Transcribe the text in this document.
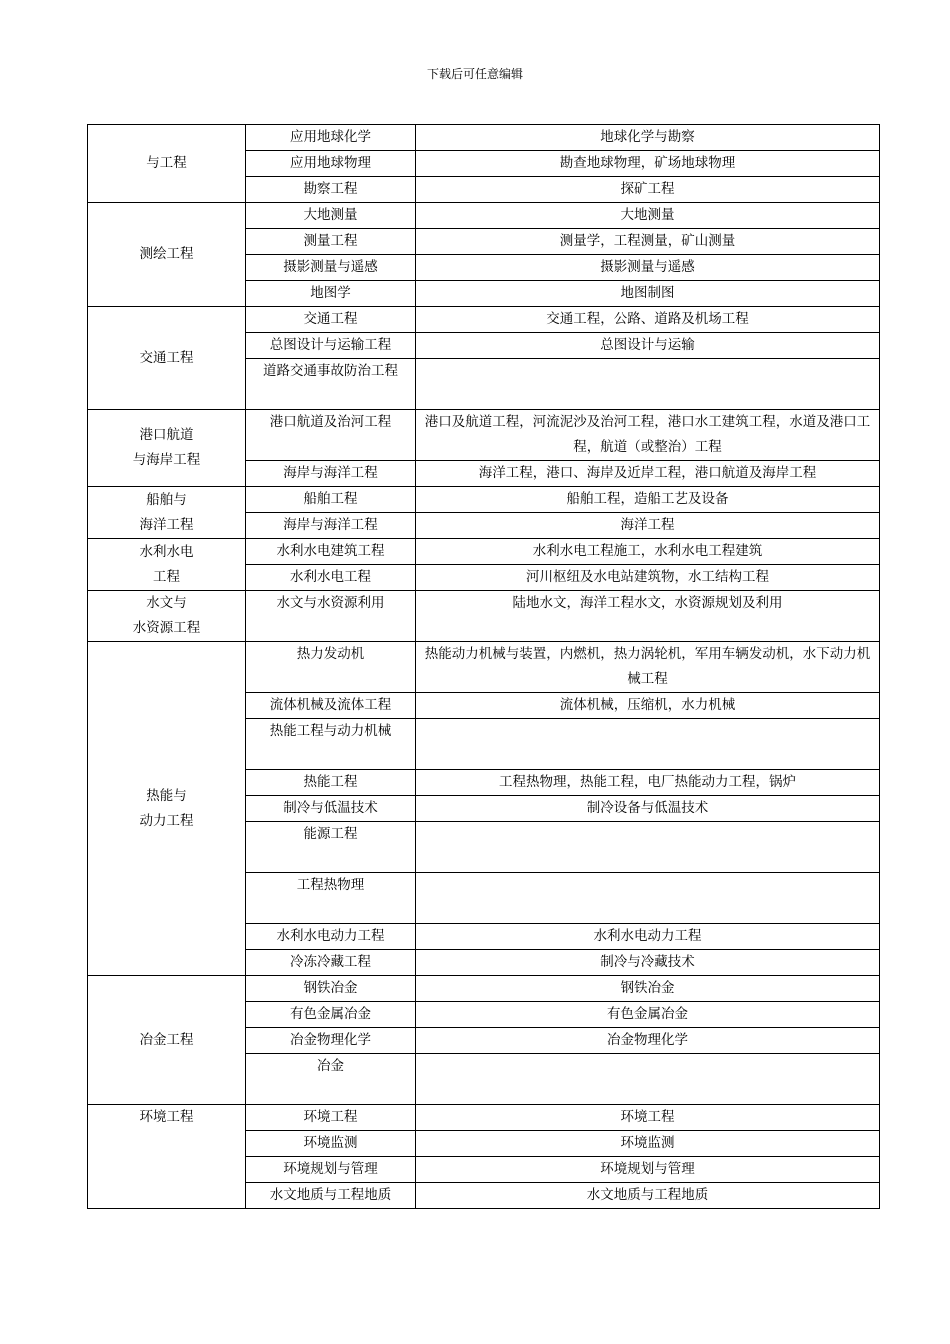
下载后可任意编辑
与工程	应用地球化学	地球化学与勘察
	应用地球物理	勘查地球物理，矿场地球物理
	勘察工程	探矿工程
测绘工程	大地测量	大地测量
	测量工程	测量学，工程测量，矿山测量
	摄影测量与遥感	摄影测量与遥感
	地图学	地图制图
交通工程	交通工程	交通工程，公路、道路及机场工程
	总图设计与运输工程	总图设计与运输
	道路交通事故防治工程	

港口航道
与海岸工程	港口航道及治河工程	港口及航道工程，河流泥沙及治河工程，港口水工建筑工程，水道及港口工程，航道（或整治）工程
	海岸与海洋工程	海洋工程，港口、海岸及近岸工程，港口航道及海岸工程

船舶与
海洋工程	船舶工程	船舶工程，造船工艺及设备
	海岸与海洋工程	海洋工程

水利水电
工程	水利水电建筑工程	水利水电工程施工，水利水电工程建筑
	水利水电工程	河川枢纽及水电站建筑物，水工结构工程

水文与
水资源工程	水文与水资源利用	陆地水文，海洋工程水文，水资源规划及利用

热能与
动力工程	热力发动机	热能动力机械与装置，内燃机，热力涡轮机，军用车辆发动机，水下动力机械工程
	流体机械及流体工程	流体机械，压缩机，水力机械
	热能工程与动力机械	
	热能工程	工程热物理，热能工程，电厂热能动力工程，锅炉
	制冷与低温技术	制冷设备与低温技术
	能源工程	
	工程热物理	
	水利水电动力工程	水利水电动力工程
	冷冻冷藏工程	制冷与冷藏技术
冶金工程	钢铁冶金	钢铁冶金
	有色金属冶金	有色金属冶金
	冶金物理化学	冶金物理化学
	冶金	
环境工程	环境工程	环境工程
	环境监测	环境监测
	环境规划与管理	环境规划与管理
	水文地质与工程地质	水文地质与工程地质
